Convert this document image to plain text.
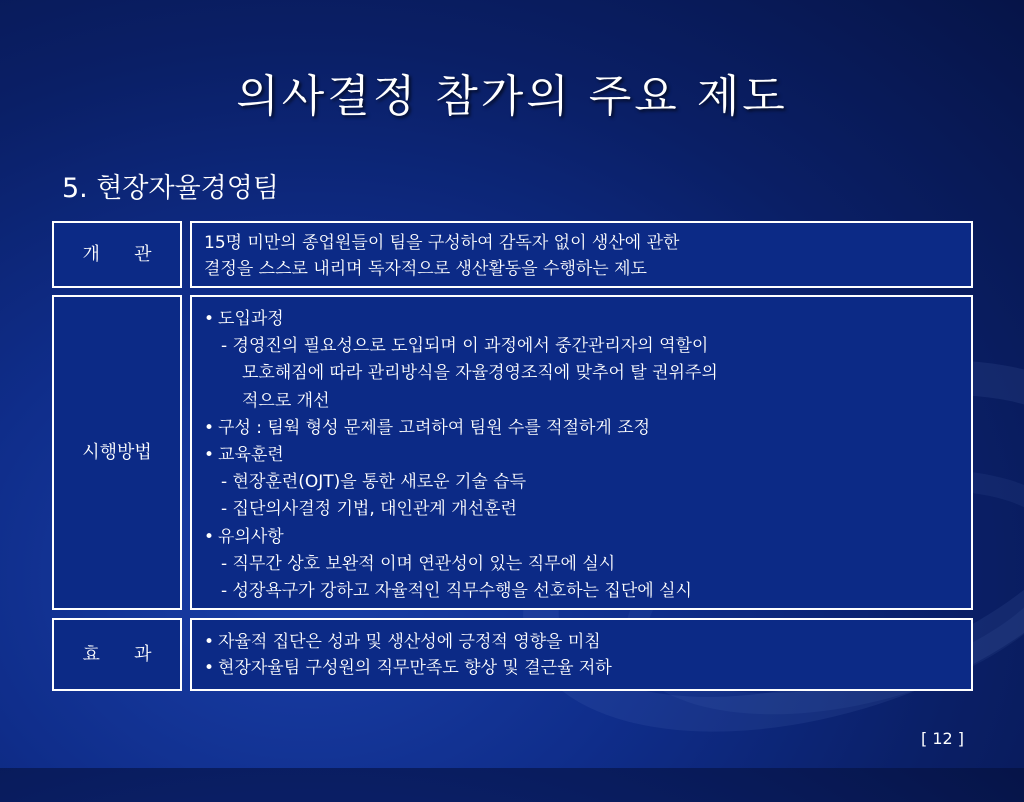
의사결정 참가의 주요 제도
5. 현장자율경영팀
개      관
15명 미만의 종업원들이 팀을 구성하여 감독자 없이 생산에 관한
결정을 스스로 내리며 독자적으로 생산활동을 수행하는 제도
시행방법
• 도입과정
- 경영진의 필요성으로 도입되며 이 과정에서 중간관리자의 역할이
모호해짐에 따라 관리방식을 자율경영조직에 맞추어 탈 권위주의
적으로 개선
• 구성 : 팀웍 형성 문제를 고려하여 팀원 수를 적절하게 조정
• 교육훈련
- 현장훈련(OJT)을 통한 새로운 기술 습득
- 집단의사결정 기법, 대인관계 개선훈련
• 유의사항
- 직무간 상호 보완적 이며 연관성이 있는 직무에 실시
- 성장욕구가 강하고 자율적인 직무수행을 선호하는 집단에 실시
효      과
• 자율적 집단은 성과 및 생산성에 긍정적 영향을 미침
• 현장자율팀 구성원의 직무만족도 향상 및 결근율 저하
[ 12 ]
